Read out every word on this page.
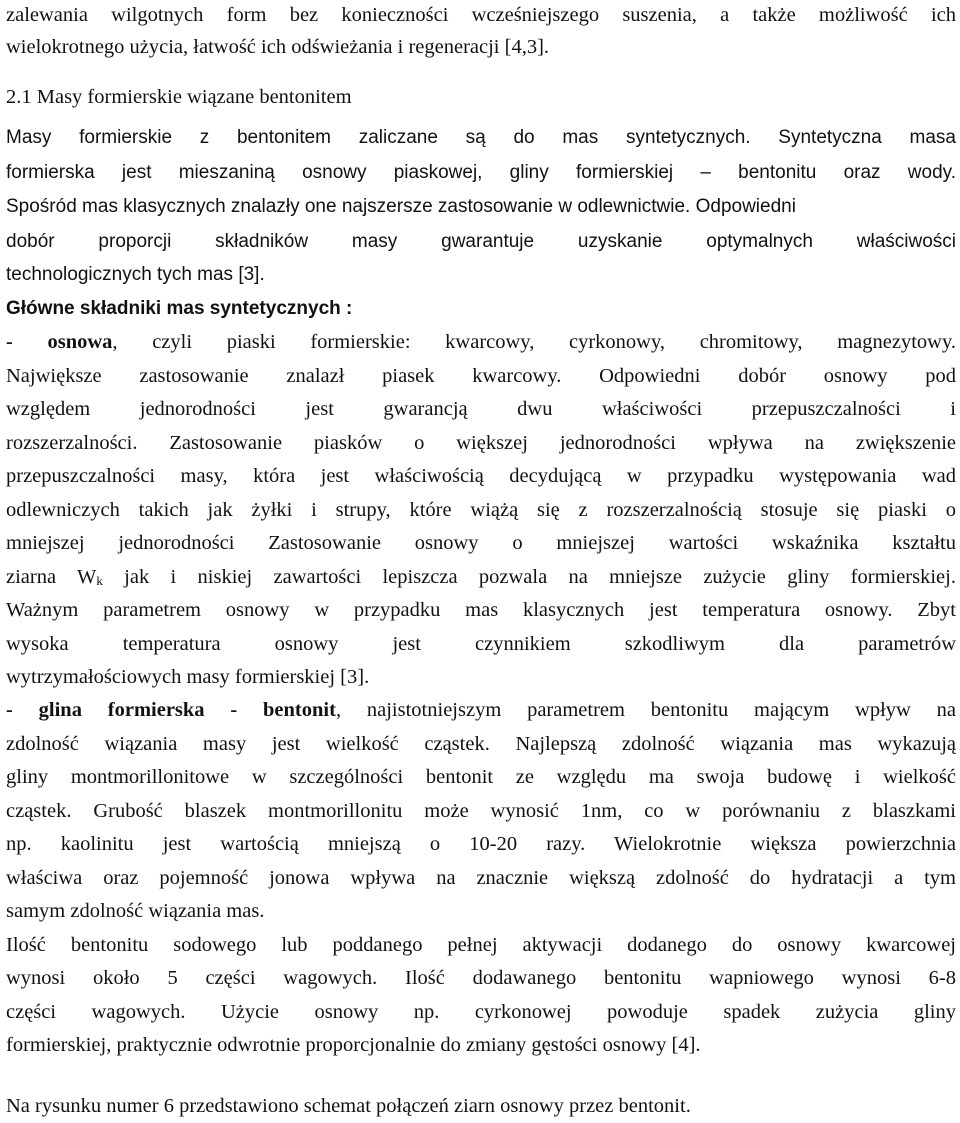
zalewania wilgotnych form bez konieczności wcześniejszego suszenia, a także możliwość ich
wielokrotnego użycia, łatwość ich odświeżania i regeneracji [4,3].
2.1 Masy formierskie wiązane bentonitem
Masy formierskie z bentonitem zaliczane są do mas syntetycznych. Syntetyczna masa
formierska jest mieszaniną osnowy piaskowej, gliny formierskiej – bentonitu oraz wody.
Spośród mas klasycznych znalazły one najszersze zastosowanie w odlewnictwie. Odpowiedni
dobór proporcji składników masy gwarantuje uzyskanie optymalnych właściwości
technologicznych tych mas [3].
Główne składniki mas syntetycznych :
- osnowa, czyli piaski formierskie: kwarcowy, cyrkonowy, chromitowy, magnezytowy.
Największe zastosowanie znalazł piasek kwarcowy. Odpowiedni dobór osnowy pod
względem jednorodności jest gwarancją dwu właściwości przepuszczalności i
rozszerzalności. Zastosowanie piasków o większej jednorodności wpływa na zwiększenie
przepuszczalności masy, która jest właściwością decydującą w przypadku występowania wad
odlewniczych takich jak żyłki i strupy, które wiążą się z rozszerzalnością stosuje się piaski o
mniejszej jednorodności Zastosowanie osnowy o mniejszej wartości wskaźnika kształtu
ziarna $W_k$ jak i niskiej zawartości lepiszcza pozwala na mniejsze zużycie gliny formierskiej.
Ważnym parametrem osnowy w przypadku mas klasycznych jest temperatura osnowy. Zbyt
wysoka temperatura osnowy jest czynnikiem szkodliwym dla parametrów
wytrzymałościowych masy formierskiej [3].
- glina formierska - bentonit, najistotniejszym parametrem bentonitu mającym wpływ na
zdolność wiązania masy jest wielkość cząstek. Najlepszą zdolność wiązania mas wykazują
gliny montmorillonitowe w szczególności bentonit ze względu ma swoja budowę i wielkość
cząstek. Grubość blaszek montmorillonitu może wynosić 1nm, co w porównaniu z blaszkami
np. kaolinitu jest wartością mniejszą o 10-20 razy. Wielokrotnie większa powierzchnia
właściwa oraz pojemność jonowa wpływa na znacznie większą zdolność do hydratacji a tym
samym zdolność wiązania mas.
Ilość bentonitu sodowego lub poddanego pełnej aktywacji dodanego do osnowy kwarcowej
wynosi około 5 części wagowych. Ilość dodawanego bentonitu wapniowego wynosi 6-8
części wagowych. Użycie osnowy np. cyrkonowej powoduje spadek zużycia gliny
formierskiej, praktycznie odwrotnie proporcjonalnie do zmiany gęstości osnowy [4].
Na rysunku numer 6 przedstawiono schemat połączeń ziarn osnowy przez bentonit.
